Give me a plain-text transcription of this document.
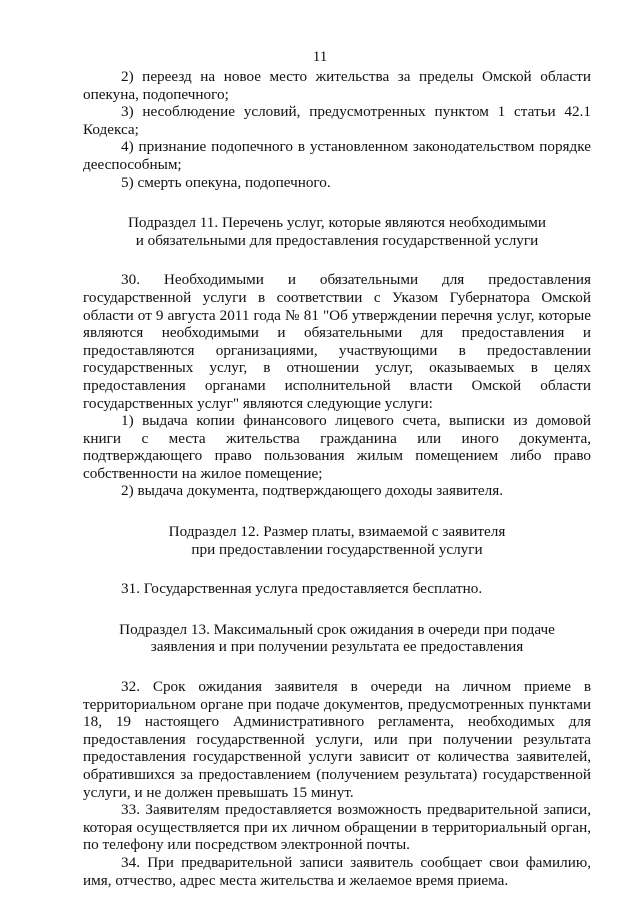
11

2) переезд на новое место жительства за пределы Омской области опекуна, подопечного;

3) несоблюдение условий, предусмотренных пунктом 1 статьи 42.1 Кодекса;

4) признание подопечного в установленном законодательством порядке дееспособным;

5) смерть опекуна, подопечного.

Подраздел 11. Перечень услуг, которые являются необходимыми

и обязательными для предоставления государственной услуги

30. Необходимыми и обязательными для предоставления государственной услуги в соответствии с Указом Губернатора Омской области от 9 августа 2011 года № 81 "Об утверждении перечня услуг, которые являются необходимыми и обязательными для предоставления и предоставляются организациями, участвующими в предоставлении государственных услуг, в отношении услуг, оказываемых в целях предоставления органами исполнительной власти Омской области государственных услуг" являются следующие услуги:

1) выдача копии финансового лицевого счета, выписки из домовой книги с места жительства гражданина или иного документа, подтверждающего право пользования жилым помещением либо право собственности на жилое помещение;

2) выдача документа, подтверждающего доходы заявителя.

Подраздел 12. Размер платы, взимаемой с заявителя

при предоставлении государственной услуги

31. Государственная услуга предоставляется бесплатно.

Подраздел 13. Максимальный срок ожидания в очереди при подаче

заявления и при получении результата ее предоставления

32. Срок ожидания заявителя в очереди на личном приеме в территориальном органе при подаче документов, предусмотренных пунктами 18, 19 настоящего Административного регламента, необходимых для предоставления государственной услуги, или при получении результата предоставления государственной услуги зависит от количества заявителей, обратившихся за предоставлением (получением результата) государственной услуги, и не должен превышать 15 минут.

33. Заявителям предоставляется возможность предварительной записи, которая осуществляется при их личном обращении в территориальный орган, по телефону или посредством электронной почты.

34. При предварительной записи заявитель сообщает свои фамилию, имя, отчество, адрес места жительства и желаемое время приема.
